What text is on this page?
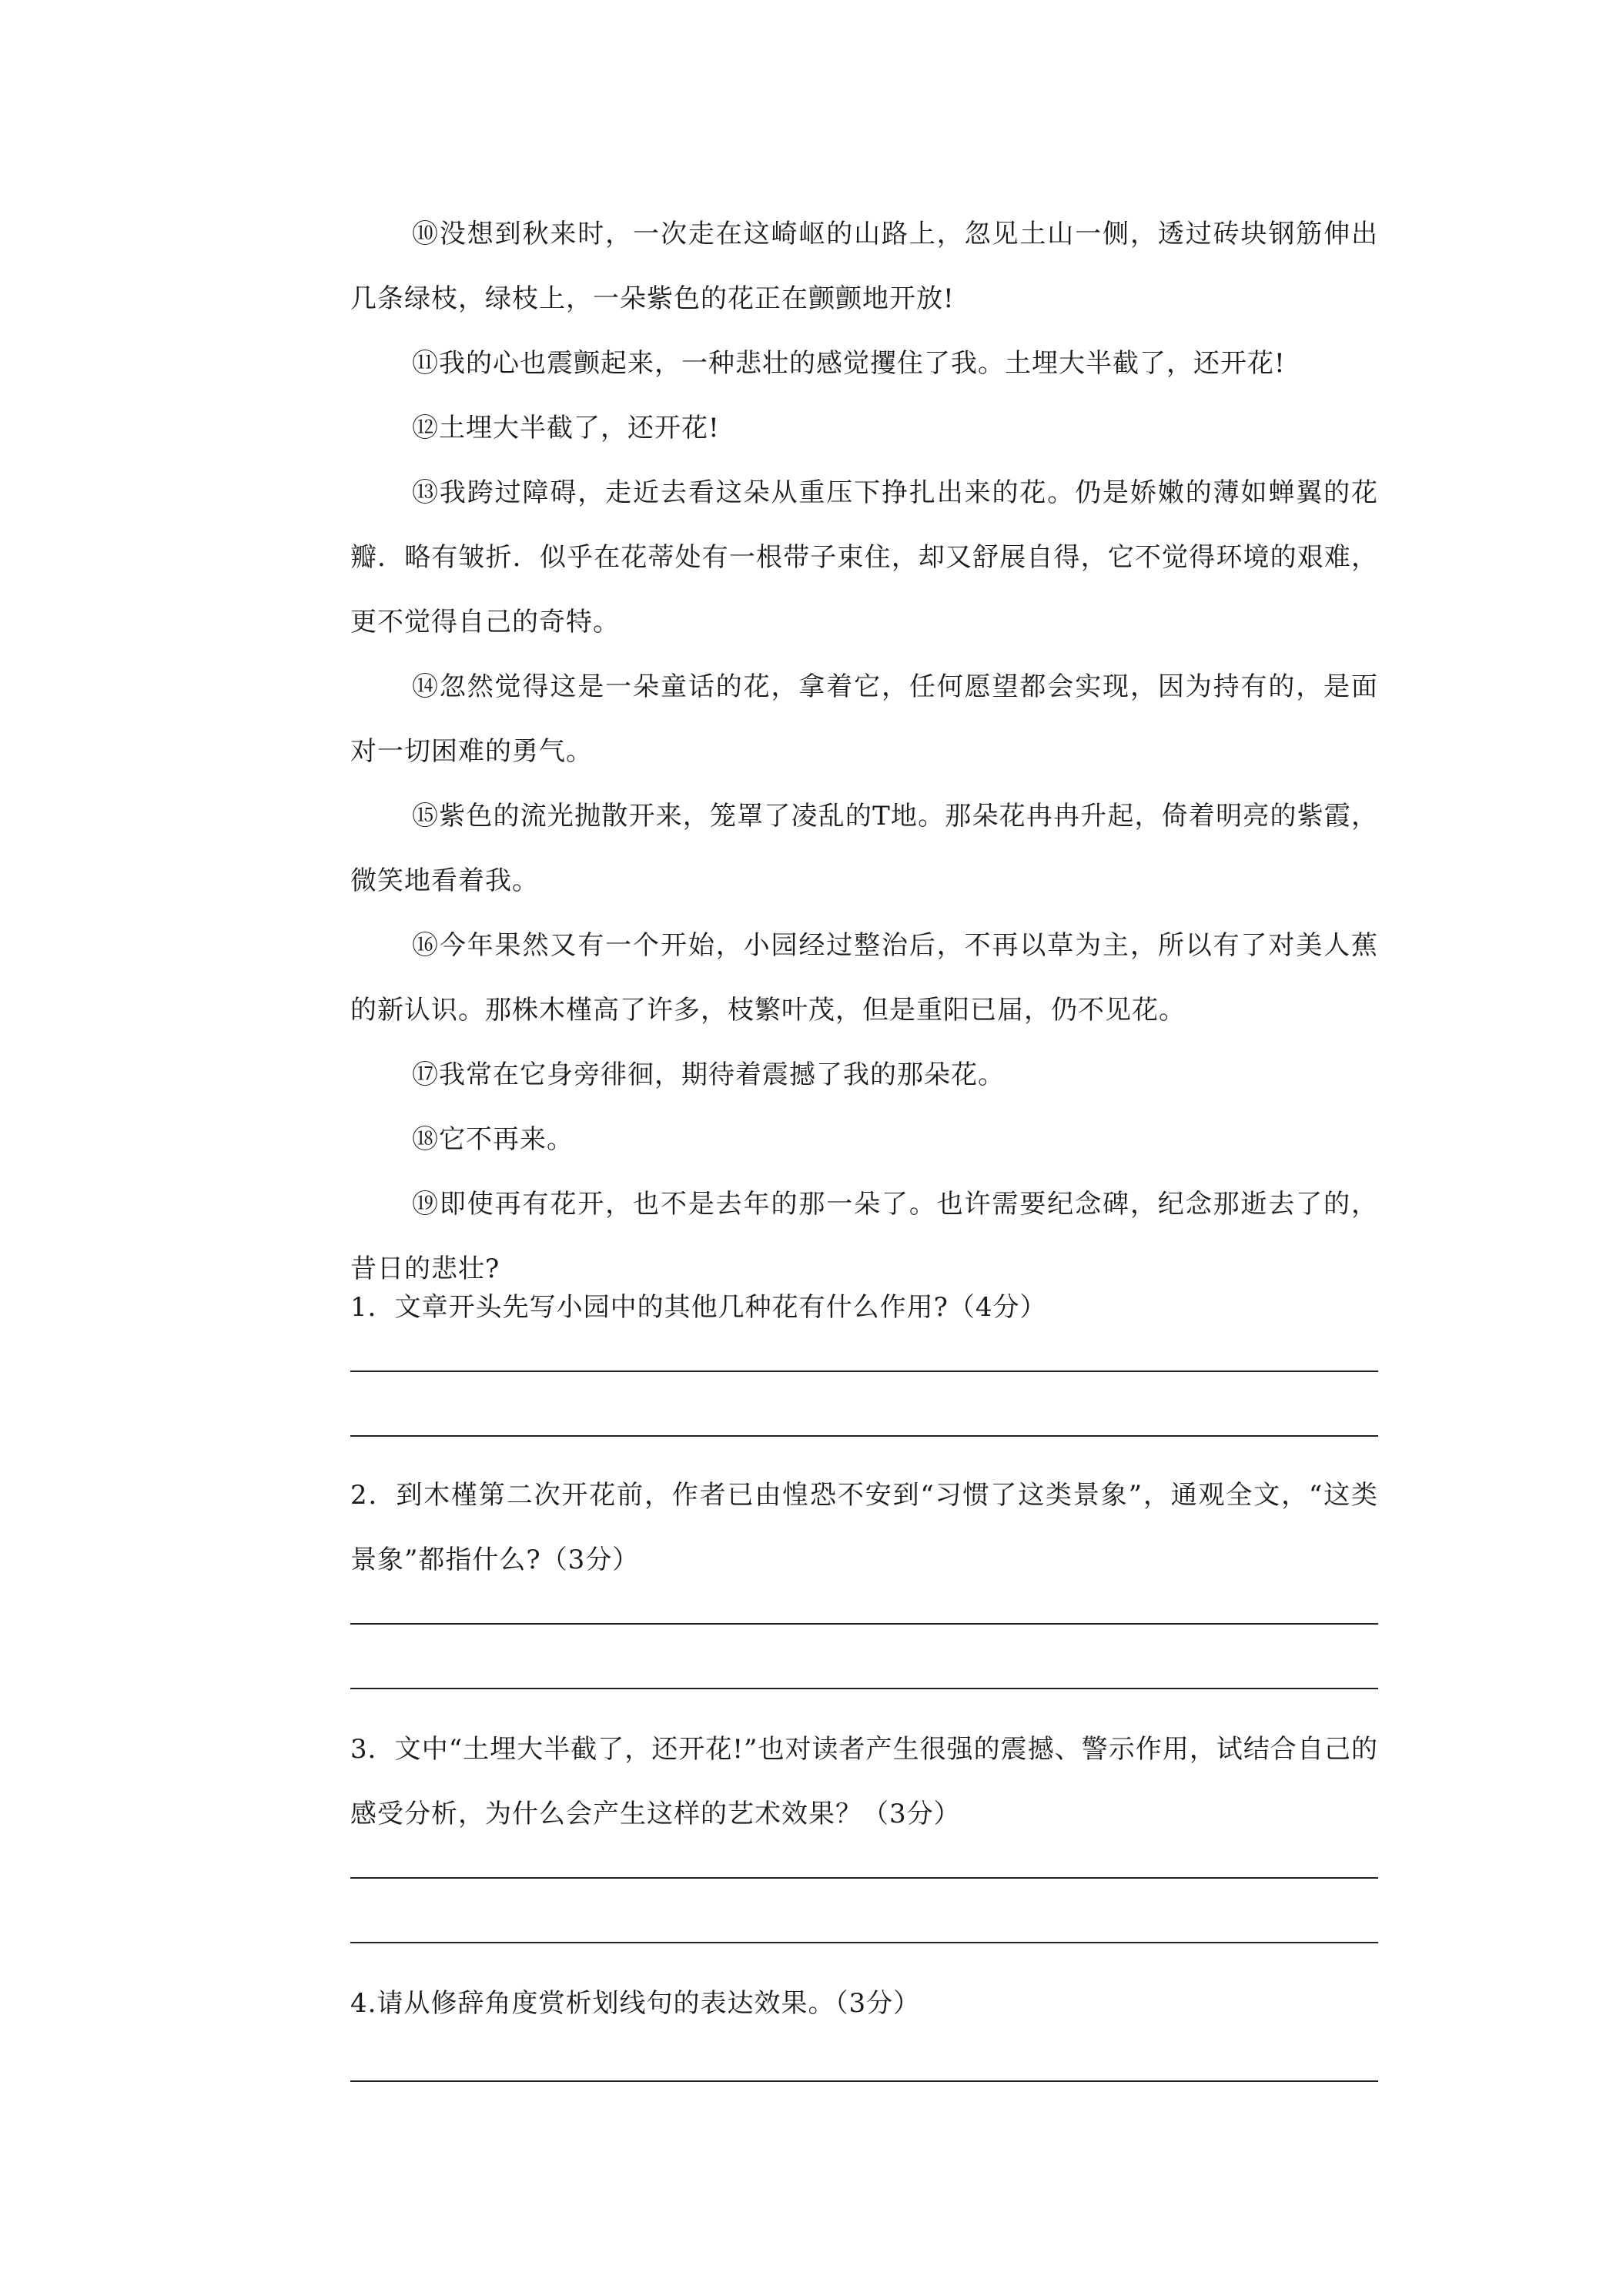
⑩没想到秋来时，一次走在这崎岖的山路上，忽见土山一侧，透过砖块钢筋伸出几条绿枝，绿枝上，一朵紫色的花正在颤颤地开放!

⑪我的心也震颤起来，一种悲壮的感觉攫住了我。土埋大半截了，还开花!

⑫土埋大半截了，还开花!

⑬我跨过障碍，走近去看这朵从重压下挣扎出来的花。仍是娇嫩的薄如蝉翼的花瓣．略有皱折．似乎在花蒂处有一根带子束住，却又舒展自得，它不觉得环境的艰难，更不觉得自己的奇特。

⑭忽然觉得这是一朵童话的花，拿着它，任何愿望都会实现，因为持有的，是面对一切困难的勇气。

⑮紫色的流光抛散开来，笼罩了凌乱的T地。那朵花冉冉升起，倚着明亮的紫霞，微笑地看着我。

⑯今年果然又有一个开始，小园经过整治后，不再以草为主，所以有了对美人蕉的新认识。那株木槿高了许多，枝繁叶茂，但是重阳已届，仍不见花。

⑰我常在它身旁徘徊，期待着震撼了我的那朵花。

⑱它不再来。

⑲即使再有花开，也不是去年的那一朵了。也许需要纪念碑，纪念那逝去了的，昔日的悲壮?

1．文章开头先写小园中的其他几种花有什么作用?（4分）

2．到木槿第二次开花前，作者已由惶恐不安到“习惯了这类景象”，通观全文，“这类景象”都指什么?（3分）

3．文中“土埋大半截了，还开花!”也对读者产生很强的震撼、警示作用，试结合自己的感受分析，为什么会产生这样的艺术效果？（3分）

4.请从修辞角度赏析划线句的表达效果。（3分）
